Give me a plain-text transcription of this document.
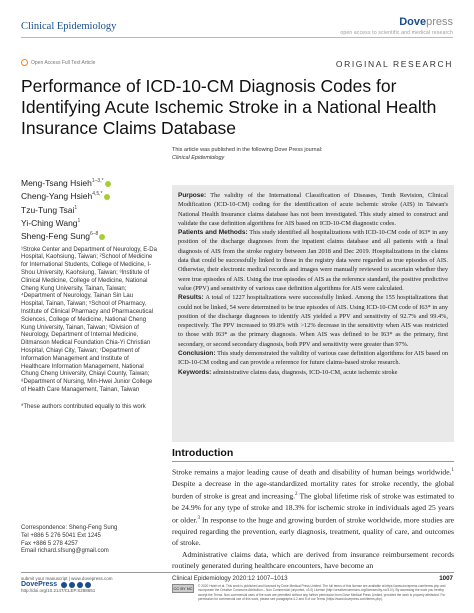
Clinical Epidemiology	Dovepress
open access to scientific and medical research
Open Access Full Text Article	ORIGINAL RESEARCH
Performance of ICD-10-CM Diagnosis Codes for Identifying Acute Ischemic Stroke in a National Health Insurance Claims Database
This article was published in the following Dove Press journal:
Clinical Epidemiology
Meng-Tsang Hsieh$^{1-3,*}$
Cheng-Yang Hsieh$^{4,5,*}$
Tzu-Tung Tsai$^1$
Yi-Ching Wang$^1$
Sheng-Feng Sung$^{6-8}$
¹Stroke Center and Department of Neurology, E-Da Hospital, Kaohsiung, Taiwan; ²School of Medicine for International Students, College of Medicine, I-Shou University, Kaohsiung, Taiwan; ³Institute of Clinical Medicine, College of Medicine, National Cheng Kung University, Tainan, Taiwan; ⁴Department of Neurology, Tainan Sin Lau Hospital, Tainan, Taiwan; ⁵School of Pharmacy, Institute of Clinical Pharmacy and Pharmaceutical Sciences, College of Medicine, National Cheng Kung University, Tainan, Taiwan; ⁶Division of Neurology, Department of Internal Medicine, Ditmanson Medical Foundation Chia-Yi Christian Hospital, Chiayi City, Taiwan; ⁷Department of Information Management and Institute of Healthcare Information Management, National Chung Cheng University, Chiayi County, Taiwan; ⁸Department of Nursing, Min-Hwei Junior College of Health Care Management, Tainan, Taiwan
*These authors contributed equally to this work
Correspondence: Sheng-Feng Sung
Tel +886 5 276 5041 Ext 1245
Fax +886 5 278 4257
Email richard.sfsung@gmail.com

Purpose: The validity of the International Classification of Diseases, Tenth Revision, Clinical Modification (ICD-10-CM) coding for the identification of acute ischemic stroke (AIS) in Taiwan's National Health Insurance claims database has not been investigated. This study aimed to construct and validate the case definition algorithms for AIS based on ICD-10-CM diagnostic codes.

Patients and Methods: This study identified all hospitalizations with ICD-10-CM code of I63* in any position of the discharge diagnoses from the inpatient claims database and all patients with a final diagnosis of AIS from the stroke registry between Jan 2018 and Dec 2019. Hospitalizations in the claims data that could be successfully linked to those in the registry data were regarded as true episodes of AIS. Otherwise, their electronic medical records and images were manually reviewed to ascertain whether they were true episodes of AIS. Using the true episodes of AIS as the reference standard, the positive predictive value (PPV) and sensitivity of various case definition algorithms for AIS were calculated.

Results: A total of 1227 hospitalizations were successfully linked. Among the 155 hospitalizations that could not be linked, 54 were determined to be true episodes of AIS. Using ICD-10-CM code of I63* in any position of the discharge diagnoses to identify AIS yielded a PPV and sensitivity of 92.7% and 99.4%, respectively. The PPV increased to 99.8% with >12% decrease in the sensitivity when AIS was restricted to those with I63* as the primary diagnosis. When AIS was defined to be I63* as the primary, first secondary, or second secondary diagnosis, both PPV and sensitivity were greater than 97%.

Conclusion: This study demonstrated the validity of various case definition algorithms for AIS based on ICD-10-CM coding and can provide a reference for future claims-based stroke research.

Keywords: administrative claims data, diagnosis, ICD-10-CM, acute ischemic stroke

Introduction

Stroke remains a major leading cause of death and disability of human beings worldwide.$^1$ Despite a decrease in the age-standardized mortality rates for stroke recently, the global burden of stroke is great and increasing.$^2$ The global lifetime risk of stroke was estimated to be 24.9% for any type of stroke and 18.3% for ischemic stroke in individuals aged 25 years or older.$^3$ In response to the huge and growing burden of stroke worldwide, more studies are required regarding the prevention, early diagnosis, treatment, quality of care, and outcomes of stroke.

Administrative claims data, which are derived from insurance reimbursement records routinely generated during healthcare encounters, have become an

submit your manuscript | www.dovepress.com
DovePress
http://doi.org/10.2147/CLEP.S288651
Clinical Epidemiology 2020:12 1007–1013	1007
CC BY NC	© 2020 Hsieh et al. This work is published and licensed by Dove Medical Press Limited. The full terms of this license are available at https://www.dovepress.com/terms.php and incorporate the Creative Commons Attribution – Non Commercial (unported, v3.0) License (http://creativecommons.org/licenses/by-nc/3.0/). By accessing the work you hereby accept the Terms. Non-commercial uses of the work are permitted without any further permission from Dove Medical Press Limited, provided the work is properly attributed. For permission for commercial use of this work, please see paragraphs 4.2 and 5 of our Terms (https://www.dovepress.com/terms.php).
